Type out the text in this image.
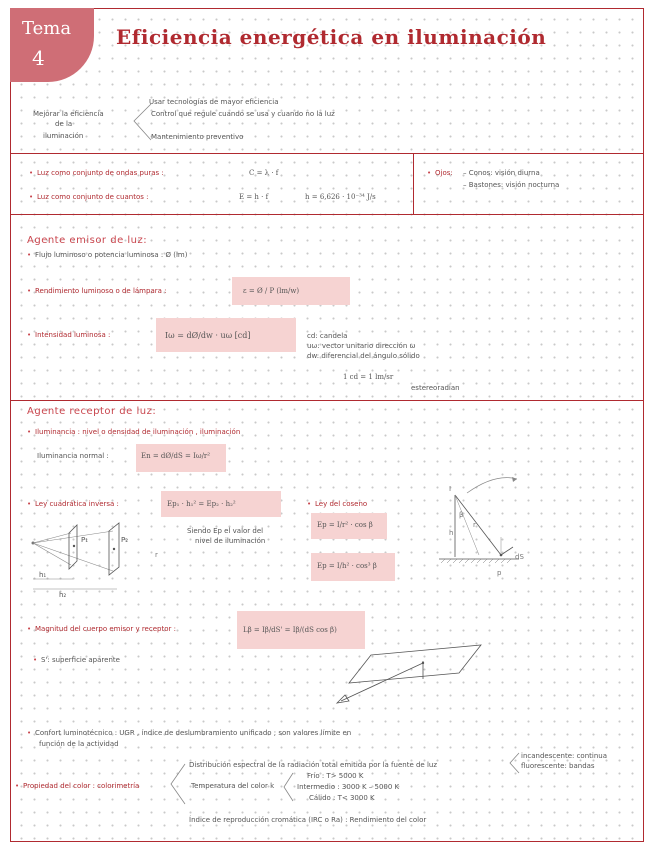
Tema
4
Eficiencia energética en iluminación
Mejorar la eficiencia
de la
iluminación
Usar tecnologías de mayor eficiencia
Control que regule cuando se usa y cuando no la luz
Mantenimiento preventivo
• Luz como conjunto de ondas puras :	C = λ · f
• Luz como conjunto de cuantos :	E = h · f	h = 6,626 · 10⁻³⁴ J/s
• Ojos: – Conos: visión diurna
– Bastones: visión nocturna
Agente emisor de luz:
• Flujo luminoso o potencia luminosa : Ø (lm)
• Rendimiento luminoso o de lámpara :	ε = Ø / P (lm/w)
• Intensidad luminosa :	Iω = dØ/dw · uω [cd]	cd: candela
uω: vector unitario dirección ω
dw: diferencial del ángulo sólido
1 cd = 1 lm/sr
estereoradian
Agente receptor de luz:
• Iluminancia : nivel o densidad de iluminación , iluminación
Iluminancia normal :	En = dØ/dS = Iω/r²
• Ley cuadrática inversa :	Ep₁ · h₁² = Ep₂ · h₂²
r
P₁	P₂
h₁
h₂
Siendo Ep el valor del
nivel de iluminación
• Ley del coseno
Ep = I/r² · cos β
Ep = I/h² · cos³ β
I
h
r
β
dS
p
• Magnitud del cuerpo emisor y receptor :	Lβ = Iβ/dS' = Iβ/(dS cos β)
• S': superficie aparente
• Confort luminotécnico : UGR , índice de deslumbramiento unificado ; son valores límite en
función de la actividad
• Propiedad del color : colorimetría
Distribución espectral de la radiación total emitida por la fuente de luz
incandescente: continua
fluorescente: bandas
Temperatura del color k
Frío : T> 5000 K
Intermedio : 3000 K – 5000 K
Cálido : T< 3000 K
Índice de reproducción cromática (IRC o Ra) : Rendimiento del color
